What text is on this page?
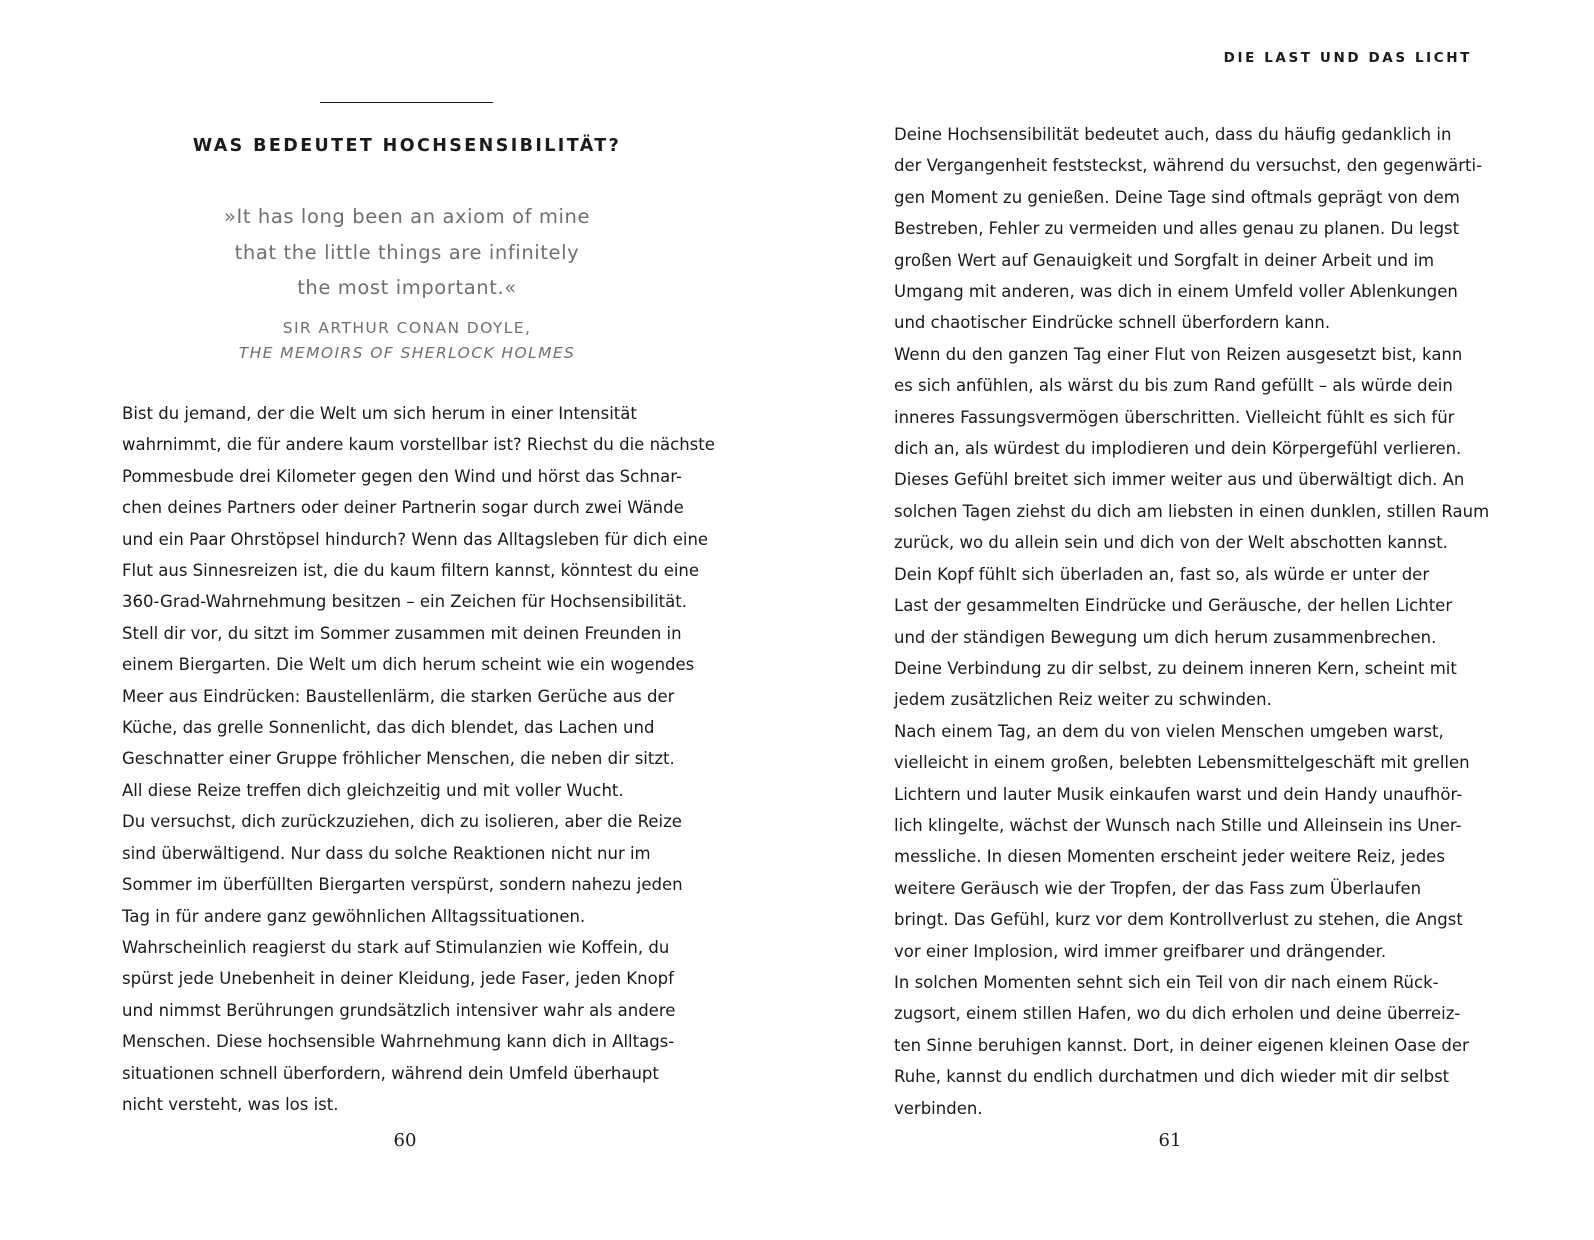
WAS BEDEUTET HOCHSENSIBILITÄT?
»It has long been an axiom of mine
that the little things are infinitely
the most important.«
SIR ARTHUR CONAN DOYLE,
THE MEMOIRS OF SHERLOCK HOLMES
Bist du jemand, der die Welt um sich herum in einer Intensität
wahrnimmt, die für andere kaum vorstellbar ist? Riechst du die nächste
Pommesbude drei Kilometer gegen den Wind und hörst das Schnar-
chen deines Partners oder deiner Partnerin sogar durch zwei Wände
und ein Paar Ohrstöpsel hindurch? Wenn das Alltagsleben für dich eine
Flut aus Sinnesreizen ist, die du kaum filtern kannst, könntest du eine
360-Grad-Wahrnehmung besitzen – ein Zeichen für Hochsensibilität.
Stell dir vor, du sitzt im Sommer zusammen mit deinen Freunden in
einem Biergarten. Die Welt um dich herum scheint wie ein wogendes
Meer aus Eindrücken: Baustellenlärm, die starken Gerüche aus der
Küche, das grelle Sonnenlicht, das dich blendet, das Lachen und
Geschnatter einer Gruppe fröhlicher Menschen, die neben dir sitzt.
All diese Reize treffen dich gleichzeitig und mit voller Wucht.
Du versuchst, dich zurückzuziehen, dich zu isolieren, aber die Reize
sind überwältigend. Nur dass du solche Reaktionen nicht nur im
Sommer im überfüllten Biergarten verspürst, sondern nahezu jeden
Tag in für andere ganz gewöhnlichen Alltagssituationen.
Wahrscheinlich reagierst du stark auf Stimulanzien wie Koffein, du
spürst jede Unebenheit in deiner Kleidung, jede Faser, jeden Knopf
und nimmst Berührungen grundsätzlich intensiver wahr als andere
Menschen. Diese hochsensible Wahrnehmung kann dich in Alltags-
situationen schnell überfordern, während dein Umfeld überhaupt
nicht versteht, was los ist.
60
DIE LAST UND DAS LICHT
Deine Hochsensibilität bedeutet auch, dass du häufig gedanklich in
der Vergangenheit feststeckst, während du versuchst, den gegenwärti-
gen Moment zu genießen. Deine Tage sind oftmals geprägt von dem
Bestreben, Fehler zu vermeiden und alles genau zu planen. Du legst
großen Wert auf Genauigkeit und Sorgfalt in deiner Arbeit und im
Umgang mit anderen, was dich in einem Umfeld voller Ablenkungen
und chaotischer Eindrücke schnell überfordern kann.
Wenn du den ganzen Tag einer Flut von Reizen ausgesetzt bist, kann
es sich anfühlen, als wärst du bis zum Rand gefüllt – als würde dein
inneres Fassungsvermögen überschritten. Vielleicht fühlt es sich für
dich an, als würdest du implodieren und dein Körpergefühl verlieren.
Dieses Gefühl breitet sich immer weiter aus und überwältigt dich. An
solchen Tagen ziehst du dich am liebsten in einen dunklen, stillen Raum
zurück, wo du allein sein und dich von der Welt abschotten kannst.
Dein Kopf fühlt sich überladen an, fast so, als würde er unter der
Last der gesammelten Eindrücke und Geräusche, der hellen Lichter
und der ständigen Bewegung um dich herum zusammenbrechen.
Deine Verbindung zu dir selbst, zu deinem inneren Kern, scheint mit
jedem zusätzlichen Reiz weiter zu schwinden.
Nach einem Tag, an dem du von vielen Menschen umgeben warst,
vielleicht in einem großen, belebten Lebensmittelgeschäft mit grellen
Lichtern und lauter Musik einkaufen warst und dein Handy unaufhör-
lich klingelte, wächst der Wunsch nach Stille und Alleinsein ins Uner-
messliche. In diesen Momenten erscheint jeder weitere Reiz, jedes
weitere Geräusch wie der Tropfen, der das Fass zum Überlaufen
bringt. Das Gefühl, kurz vor dem Kontrollverlust zu stehen, die Angst
vor einer Implosion, wird immer greifbarer und drängender.
In solchen Momenten sehnt sich ein Teil von dir nach einem Rück-
zugsort, einem stillen Hafen, wo du dich erholen und deine überreiz-
ten Sinne beruhigen kannst. Dort, in deiner eigenen kleinen Oase der
Ruhe, kannst du endlich durchatmen und dich wieder mit dir selbst
verbinden.
61
